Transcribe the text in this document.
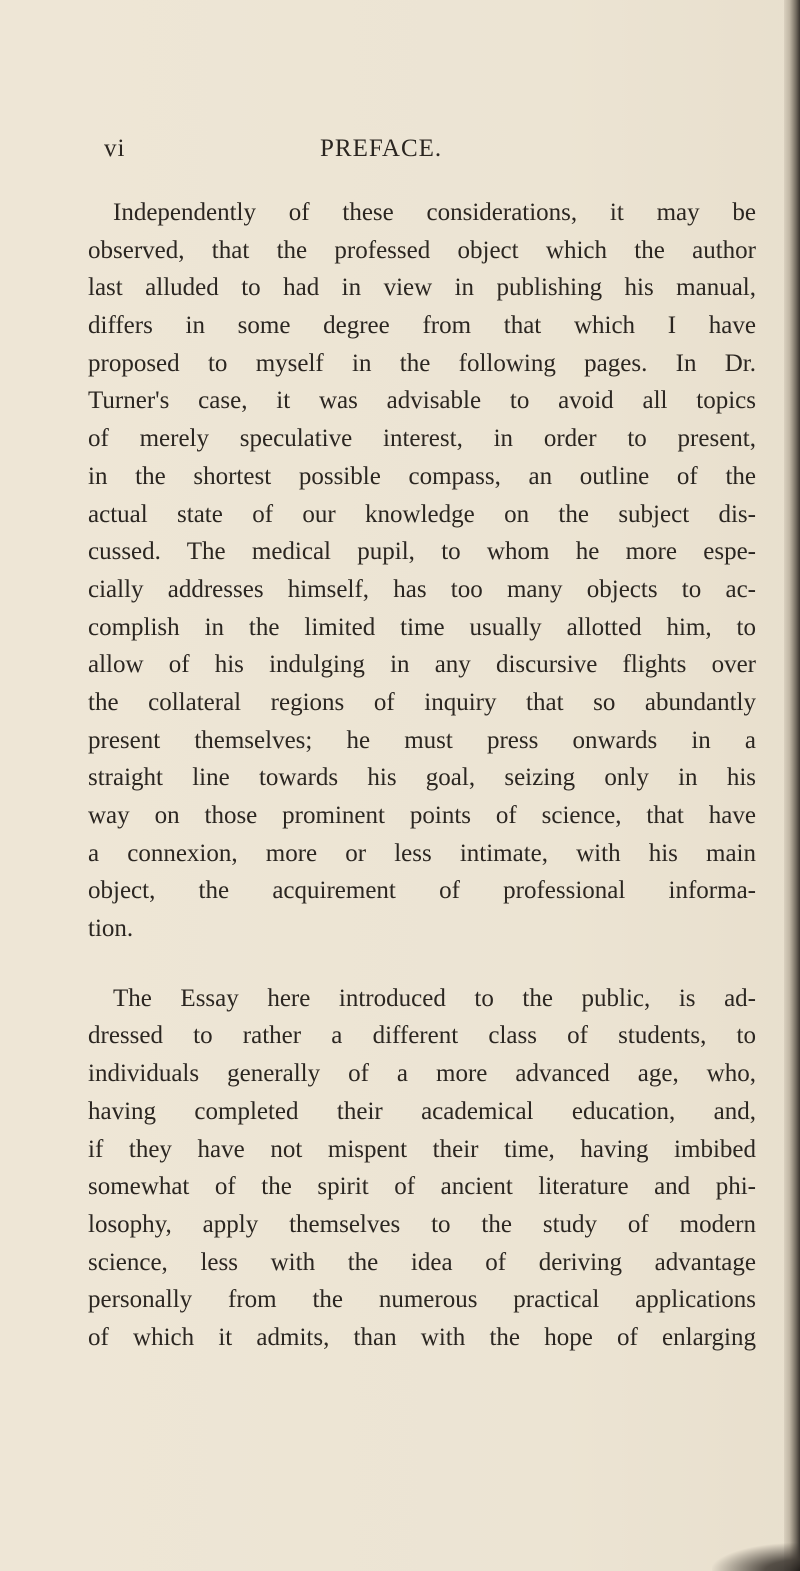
vi	PREFACE.

Independently of these considerations, it may be
observed, that the professed object which the author
last alluded to had in view in publishing his manual,
differs in some degree from that which I have
proposed to myself in the following pages. In Dr.
Turner's case, it was advisable to avoid all topics
of merely speculative interest, in order to present,
in the shortest possible compass, an outline of the
actual state of our knowledge on the subject dis-
cussed. The medical pupil, to whom he more espe-
cially addresses himself, has too many objects to ac-
complish in the limited time usually allotted him, to
allow of his indulging in any discursive flights over
the collateral regions of inquiry that so abundantly
present themselves; he must press onwards in a
straight line towards his goal, seizing only in his
way on those prominent points of science, that have
a connexion, more or less intimate, with his main
object, the acquirement of professional informa-
tion.

The Essay here introduced to the public, is ad-
dressed to rather a different class of students, to
individuals generally of a more advanced age, who,
having completed their academical education, and,
if they have not mispent their time, having imbibed
somewhat of the spirit of ancient literature and phi-
losophy, apply themselves to the study of modern
science, less with the idea of deriving advantage
personally from the numerous practical applications
of which it admits, than with the hope of enlarging
